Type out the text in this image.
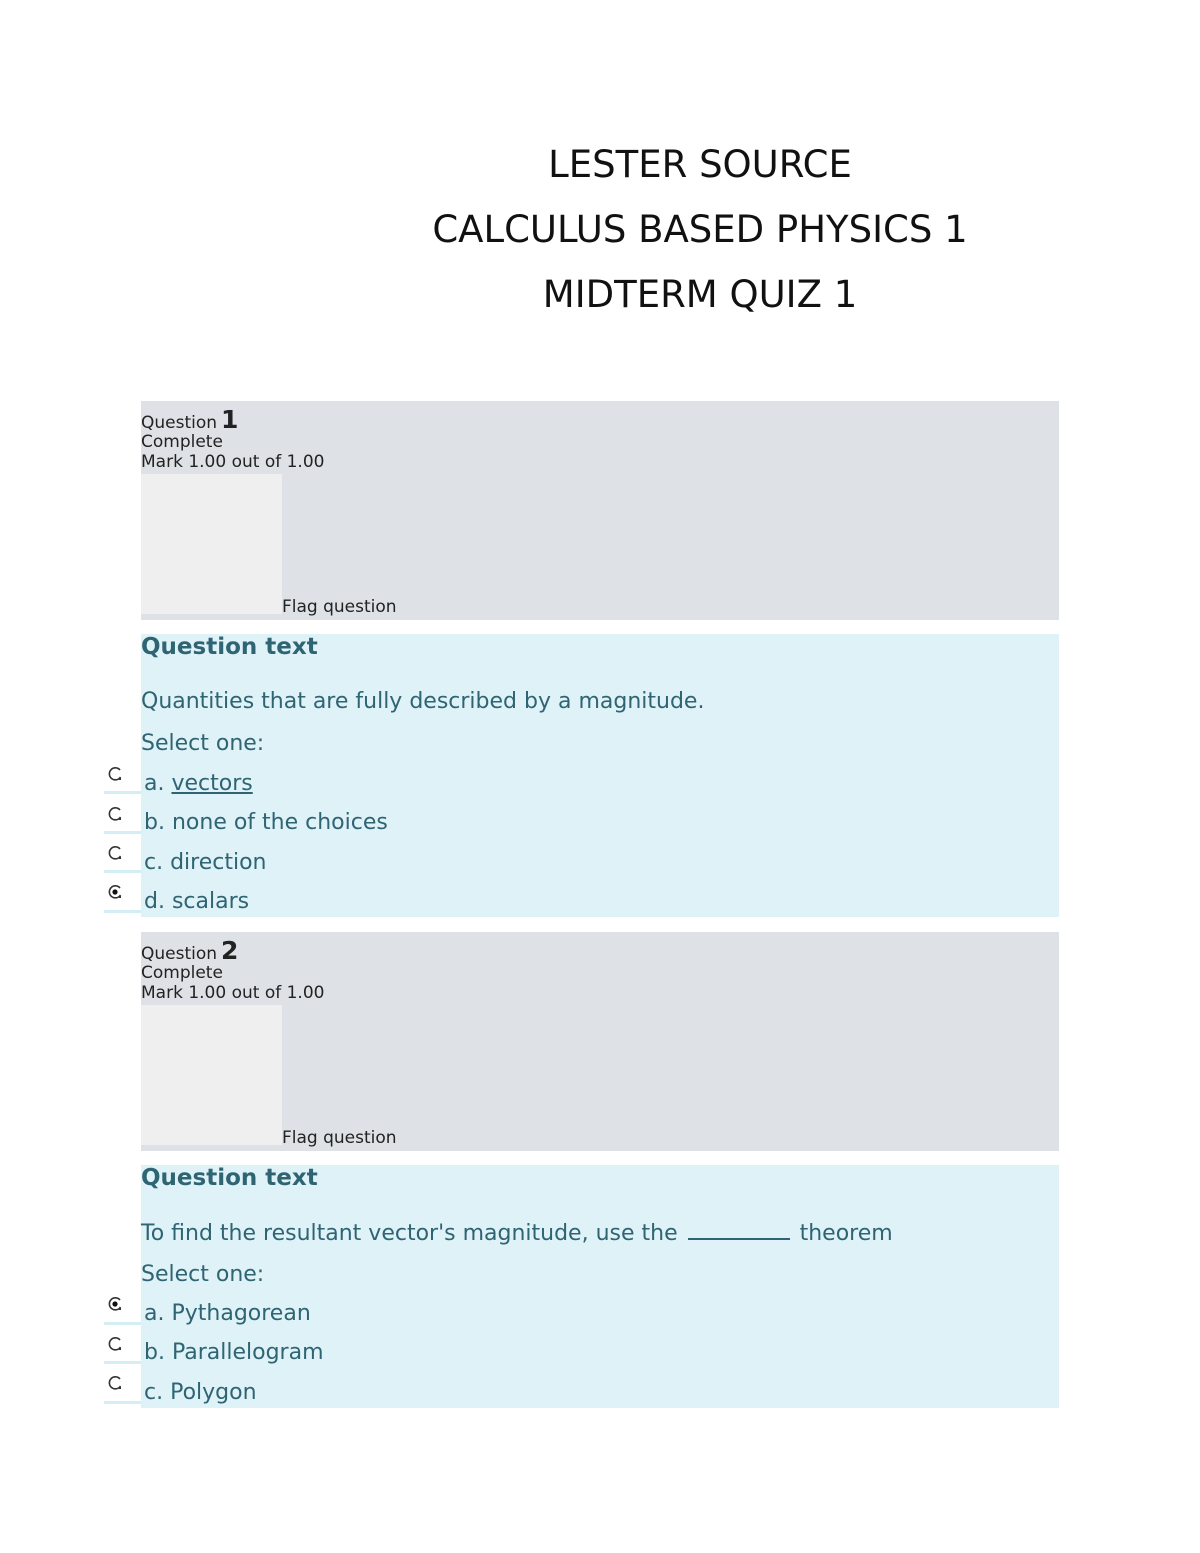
LESTER SOURCE
CALCULUS BASED PHYSICS 1
MIDTERM QUIZ 1
Question 1
Complete
Mark 1.00 out of 1.00
Flag question
Question text
Quantities that are fully described by a magnitude.
Select one:
a. vectors
b. none of the choices
c. direction
d. scalars
Question 2
Complete
Mark 1.00 out of 1.00
Flag question
Question text
To find the resultant vector's magnitude, use the	theorem
Select one:
a. Pythagorean
b. Parallelogram
c. Polygon
